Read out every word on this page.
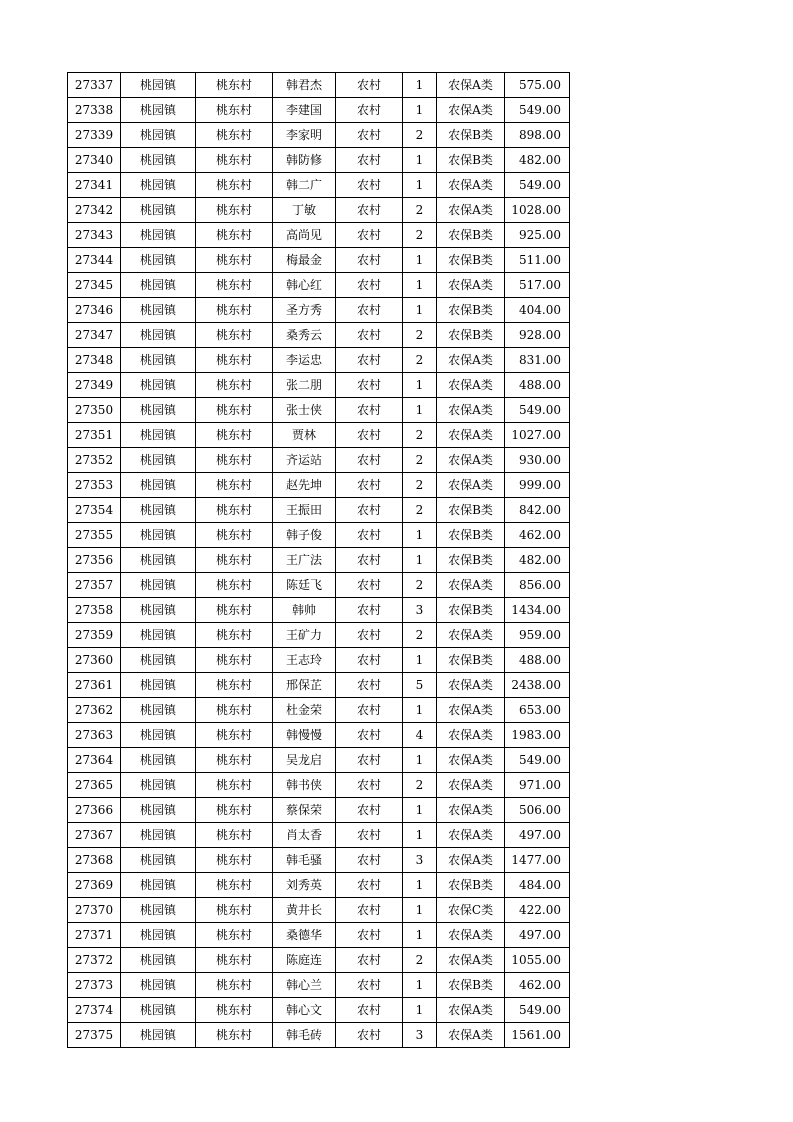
27337	桃园镇	桃东村	韩君杰	农村	1	农保A类	575.00
27338	桃园镇	桃东村	李建国	农村	1	农保A类	549.00
27339	桃园镇	桃东村	李家明	农村	2	农保B类	898.00
27340	桃园镇	桃东村	韩防修	农村	1	农保B类	482.00
27341	桃园镇	桃东村	韩二广	农村	1	农保A类	549.00
27342	桃园镇	桃东村	丁敏	农村	2	农保A类	1028.00
27343	桃园镇	桃东村	高尚见	农村	2	农保B类	925.00
27344	桃园镇	桃东村	梅最金	农村	1	农保B类	511.00
27345	桃园镇	桃东村	韩心红	农村	1	农保A类	517.00
27346	桃园镇	桃东村	圣方秀	农村	1	农保B类	404.00
27347	桃园镇	桃东村	桑秀云	农村	2	农保B类	928.00
27348	桃园镇	桃东村	李运忠	农村	2	农保A类	831.00
27349	桃园镇	桃东村	张二朋	农村	1	农保A类	488.00
27350	桃园镇	桃东村	张士侠	农村	1	农保A类	549.00
27351	桃园镇	桃东村	贾林	农村	2	农保A类	1027.00
27352	桃园镇	桃东村	齐运站	农村	2	农保A类	930.00
27353	桃园镇	桃东村	赵先坤	农村	2	农保A类	999.00
27354	桃园镇	桃东村	王振田	农村	2	农保B类	842.00
27355	桃园镇	桃东村	韩子俊	农村	1	农保B类	462.00
27356	桃园镇	桃东村	王广法	农村	1	农保B类	482.00
27357	桃园镇	桃东村	陈廷飞	农村	2	农保A类	856.00
27358	桃园镇	桃东村	韩帅	农村	3	农保B类	1434.00
27359	桃园镇	桃东村	王矿力	农村	2	农保A类	959.00
27360	桃园镇	桃东村	王志玲	农村	1	农保B类	488.00
27361	桃园镇	桃东村	邢保芷	农村	5	农保A类	2438.00
27362	桃园镇	桃东村	杜金荣	农村	1	农保A类	653.00
27363	桃园镇	桃东村	韩慢慢	农村	4	农保A类	1983.00
27364	桃园镇	桃东村	吴龙启	农村	1	农保A类	549.00
27365	桃园镇	桃东村	韩书侠	农村	2	农保A类	971.00
27366	桃园镇	桃东村	蔡保荣	农村	1	农保A类	506.00
27367	桃园镇	桃东村	肖太香	农村	1	农保A类	497.00
27368	桃园镇	桃东村	韩毛骚	农村	3	农保A类	1477.00
27369	桃园镇	桃东村	刘秀英	农村	1	农保B类	484.00
27370	桃园镇	桃东村	黄井长	农村	1	农保C类	422.00
27371	桃园镇	桃东村	桑德华	农村	1	农保A类	497.00
27372	桃园镇	桃东村	陈庭连	农村	2	农保A类	1055.00
27373	桃园镇	桃东村	韩心兰	农村	1	农保B类	462.00
27374	桃园镇	桃东村	韩心文	农村	1	农保A类	549.00
27375	桃园镇	桃东村	韩毛砖	农村	3	农保A类	1561.00
